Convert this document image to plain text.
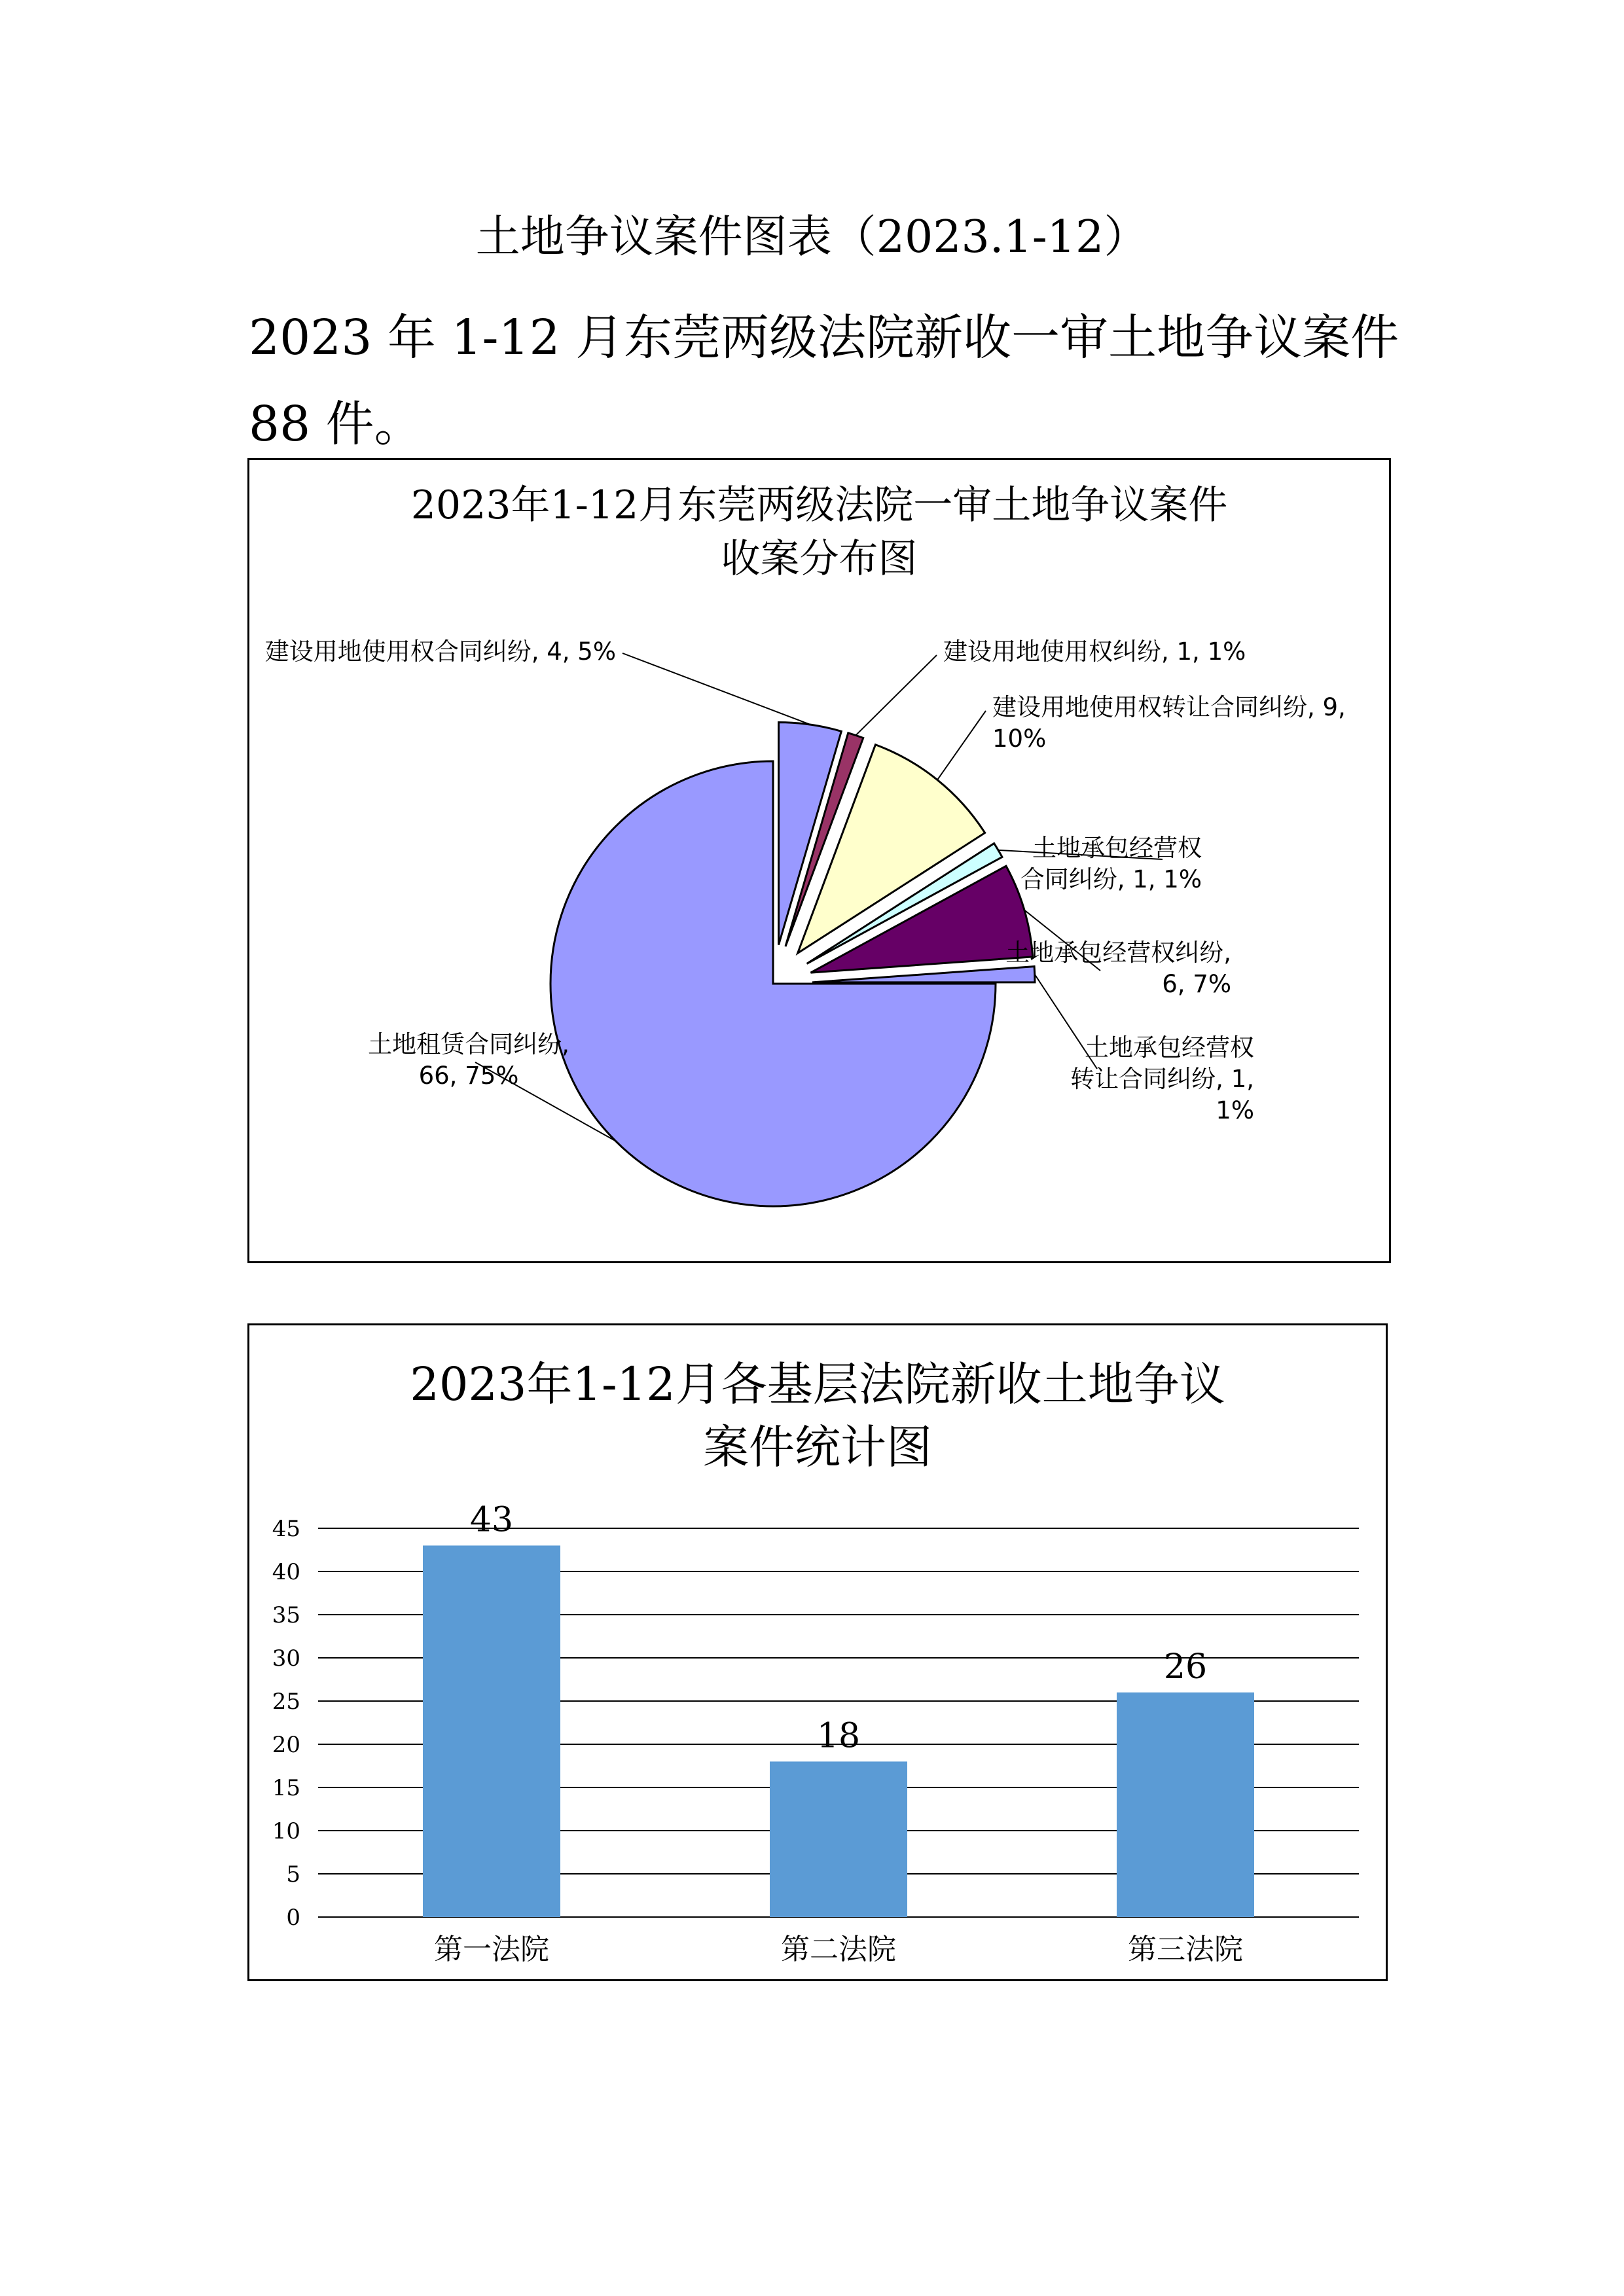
土地争议案件图表（2023.1-12）
2023 年 1-12 月东莞两级法院新收一审土地争议案件
88 件。
2023年1-12月东莞两级法院一审土地争议案件
收案分布图
建设用地使用权合同纠纷, 4, 5%	建设用地使用权纠纷, 1, 1%
建设用地使用权转让合同纠纷, 9, 10%
土地承包经营权合同纠纷, 1, 1%
土地承包经营权纠纷, 6, 7%
土地承包经营权转让合同纠纷, 1, 1%
土地租赁合同纠纷, 66, 75%
2023年1-12月各基层法院新收土地争议
案件统计图
0
5
10
15
20
25
30
35
40
45	43
第一法院
18
第二法院
26
第三法院
